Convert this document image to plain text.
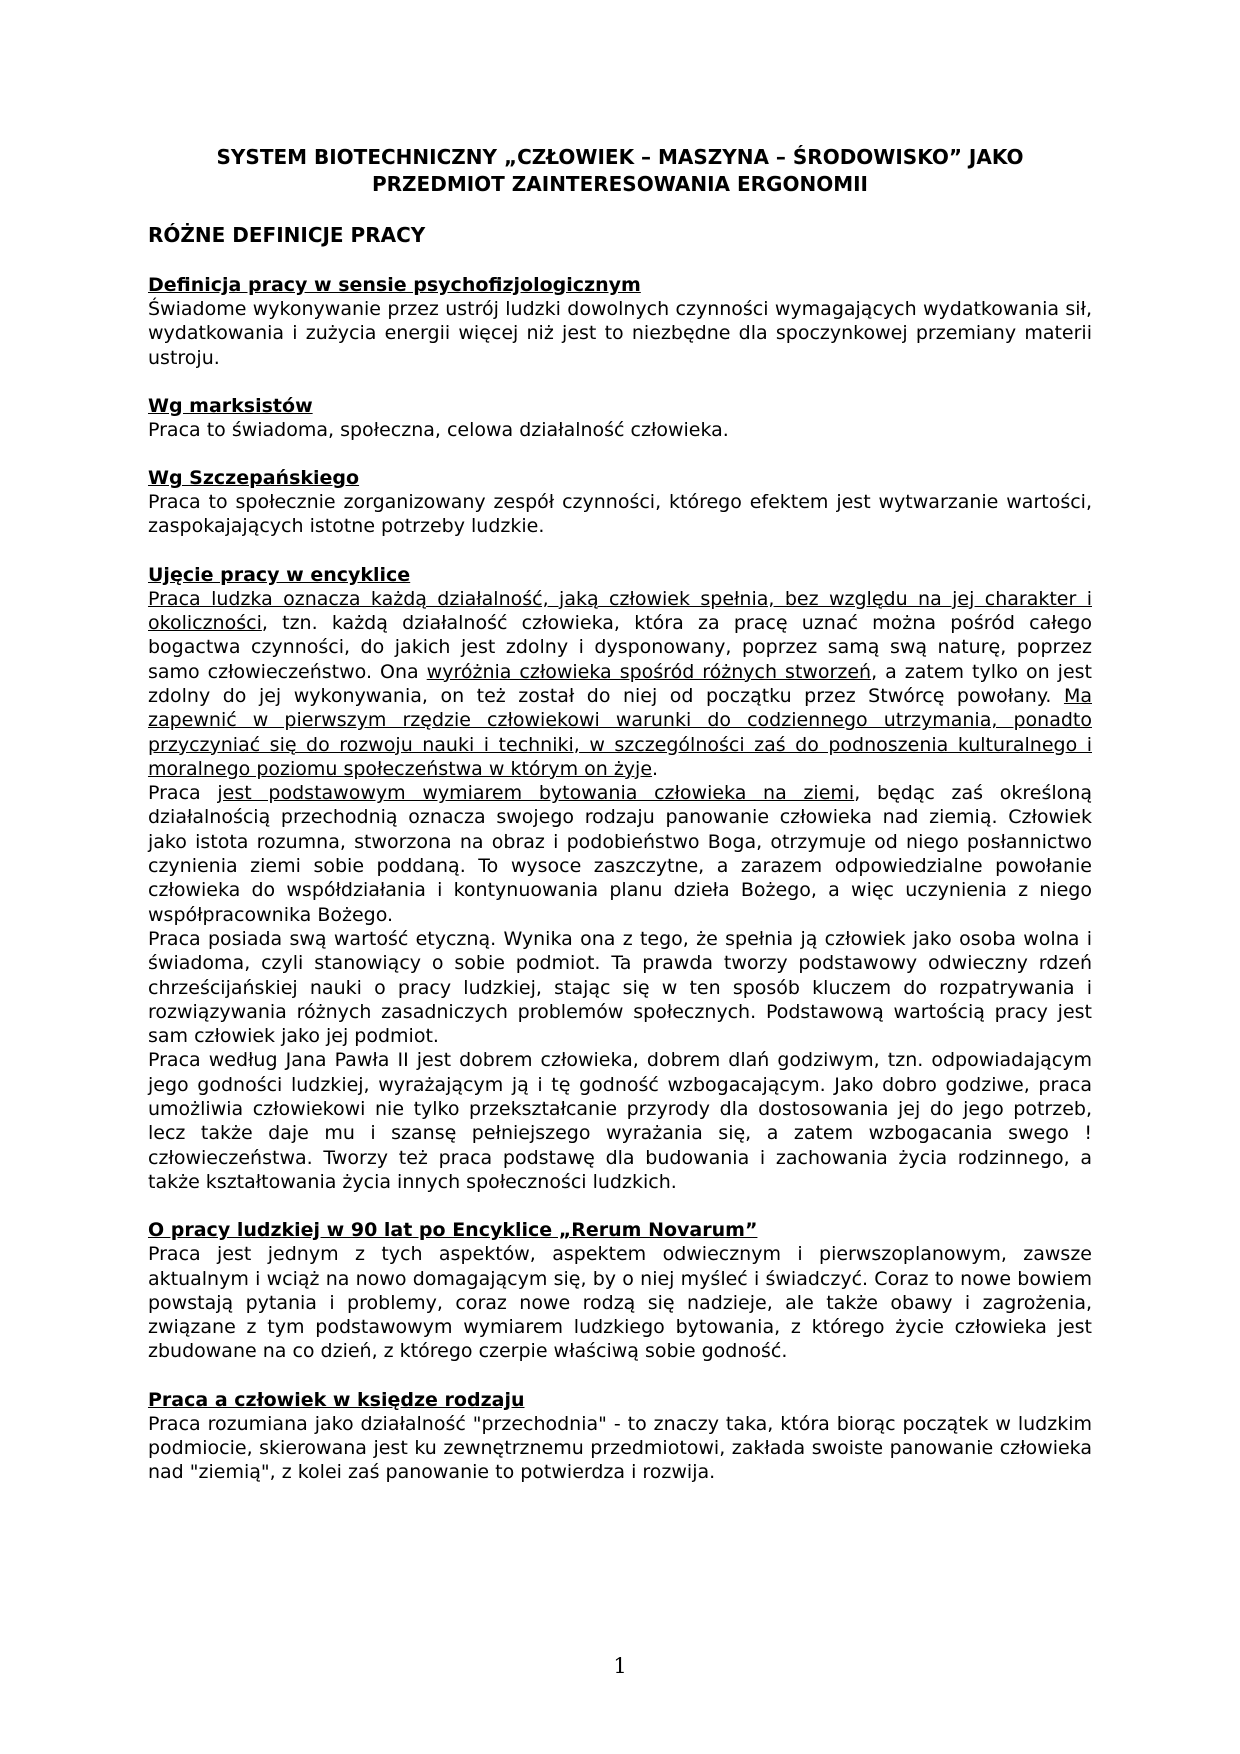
SYSTEM BIOTECHNICZNY „CZŁOWIEK – MASZYNA – ŚRODOWISKO” JAKO
PRZEDMIOT ZAINTERESOWANIA ERGONOMII
RÓŻNE DEFINICJE PRACY
Definicja pracy w sensie psychofizjologicznym
Świadome wykonywanie przez ustrój ludzki dowolnych czynności wymagających wydatkowania sił, wydatkowania i zużycia energii więcej niż jest to niezbędne dla spoczynkowej przemiany materii ustroju.
Wg marksistów
Praca to świadoma, społeczna, celowa działalność człowieka.
Wg Szczepańskiego
Praca to społecznie zorganizowany zespół czynności, którego efektem jest wytwarzanie wartości, zaspokajających istotne potrzeby ludzkie.
Ujęcie pracy w encyklice
Praca ludzka oznacza każdą działalność, jaką człowiek spełnia, bez względu na jej charakter i okoliczności, tzn. każdą działalność człowieka, która za pracę uznać można pośród całego bogactwa czynności, do jakich jest zdolny i dysponowany, poprzez samą swą naturę, poprzez samo człowieczeństwo. Ona wyróżnia człowieka spośród różnych stworzeń, a zatem tylko on jest zdolny do jej wykonywania, on też został do niej od początku przez Stwórcę powołany. Ma zapewnić w pierwszym rzędzie człowiekowi warunki do codziennego utrzymania, ponadto przyczyniać się do rozwoju nauki i techniki, w szczególności zaś do podnoszenia kulturalnego i moralnego poziomu społeczeństwa w którym on żyje.
Praca jest podstawowym wymiarem bytowania człowieka na ziemi, będąc zaś określoną działalnością przechodnią oznacza swojego rodzaju panowanie człowieka nad ziemią. Człowiek jako istota rozumna, stworzona na obraz i podobieństwo Boga, otrzymuje od niego posłannictwo czynienia ziemi sobie poddaną. To wysoce zaszczytne, a zarazem odpowiedzialne powołanie człowieka do współdziałania i kontynuowania planu dzieła Bożego, a więc uczynienia z niego współpracownika Bożego.
Praca posiada swą wartość etyczną. Wynika ona z tego, że spełnia ją człowiek jako osoba wolna i świadoma, czyli stanowiący o sobie podmiot. Ta prawda tworzy podstawowy odwieczny rdzeń chrześcijańskiej nauki o pracy ludzkiej, stając się w ten sposób kluczem do rozpatrywania i rozwiązywania różnych zasadniczych problemów społecznych. Podstawową wartością pracy jest sam człowiek jako jej podmiot.
Praca według Jana Pawła II jest dobrem człowieka, dobrem dlań godziwym, tzn. odpowiadającym jego godności ludzkiej, wyrażającym ją i tę godność wzbogacającym. Jako dobro godziwe, praca umożliwia człowiekowi nie tylko przekształcanie przyrody dla dostosowania jej do jego potrzeb, lecz także daje mu i szansę pełniejszego wyrażania się, a zatem wzbogacania swego ! człowieczeństwa. Tworzy też praca podstawę dla budowania i zachowania życia rodzinnego, a także kształtowania życia innych społeczności ludzkich.
O pracy ludzkiej w 90 lat po Encyklice „Rerum Novarum”
Praca jest jednym z tych aspektów, aspektem odwiecznym i pierwszoplanowym, zawsze aktualnym i wciąż na nowo domagającym się, by o niej myśleć i świadczyć. Coraz to nowe bowiem powstają pytania i problemy, coraz nowe rodzą się nadzieje, ale także obawy i zagrożenia, związane z tym podstawowym wymiarem ludzkiego bytowania, z którego życie człowieka jest zbudowane na co dzień, z którego czerpie właściwą sobie godność.
Praca a człowiek w księdze rodzaju
Praca rozumiana jako działalność "przechodnia" - to znaczy taka, która biorąc początek w ludzkim podmiocie, skierowana jest ku zewnętrznemu przedmiotowi, zakłada swoiste panowanie człowieka nad "ziemią", z kolei zaś panowanie to potwierdza i rozwija.
1
